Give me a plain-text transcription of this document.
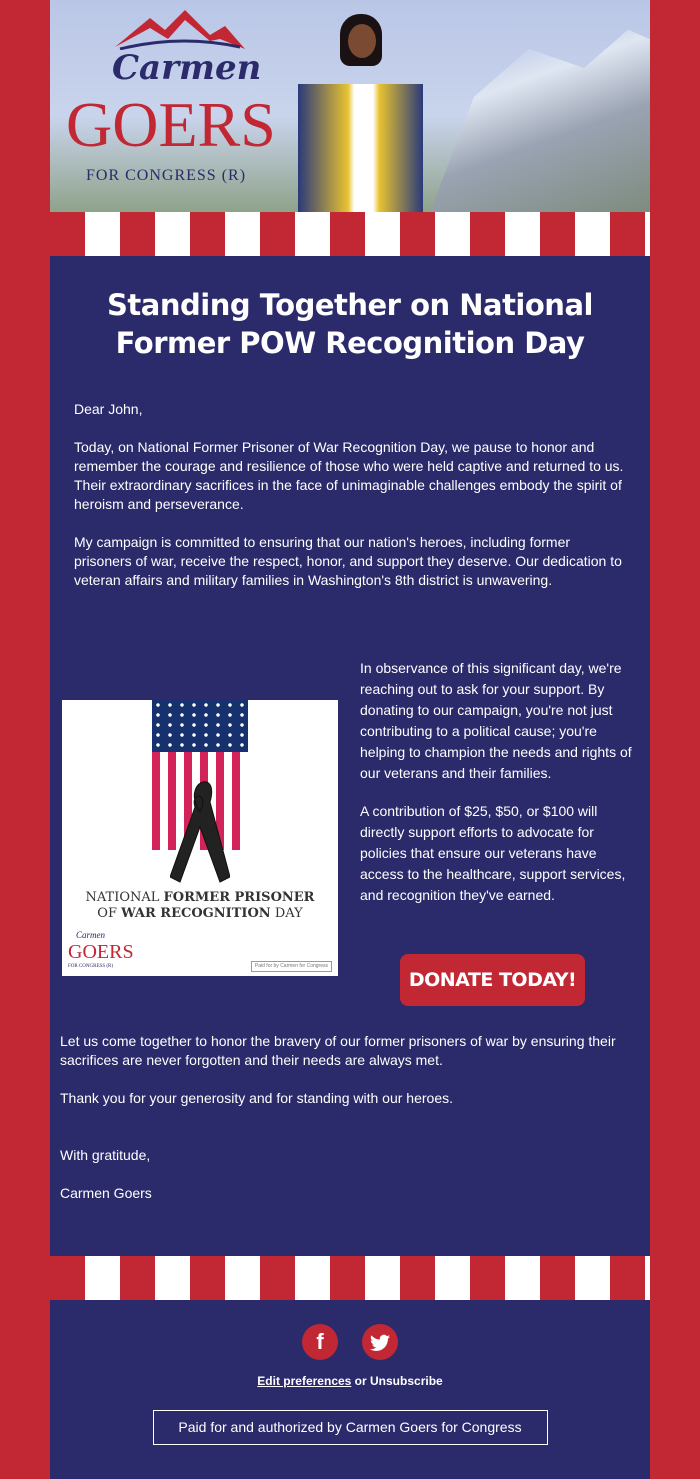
Carmen
GOERS
FOR CONGRESS (R)
Standing Together on National Former POW Recognition Day

Dear John,

Today, on National Former Prisoner of War Recognition Day, we pause to honor and remember the courage and resilience of those who were held captive and returned to us. Their extraordinary sacrifices in the face of unimaginable challenges embody the spirit of heroism and perseverance.

My campaign is committed to ensuring that our nation's heroes, including former prisoners of war, receive the respect, honor, and support they deserve. Our dedication to veteran affairs and military families in Washington's 8th district is unwavering.

NATIONAL FORMER PRISONER
OF WAR RECOGNITION DAY
Carmen
GOERS
FOR CONGRESS (R)	Paid for by Carmen for Congress

In observance of this significant day, we're reaching out to ask for your support. By donating to our campaign, you're not just contributing to a political cause; you're helping to champion the needs and rights of our veterans and their families.

A contribution of $25, $50, or $100 will directly support efforts to advocate for policies that ensure our veterans have access to the healthcare, support services, and recognition they've earned.

DONATE TODAY!

Let us come together to honor the bravery of our former prisoners of war by ensuring their sacrifices are never forgotten and their needs are always met.

Thank you for your generosity and for standing with our heroes.

With gratitude,

Carmen Goers

f
Edit preferences or Unsubscribe
Paid for and authorized by Carmen Goers for Congress
